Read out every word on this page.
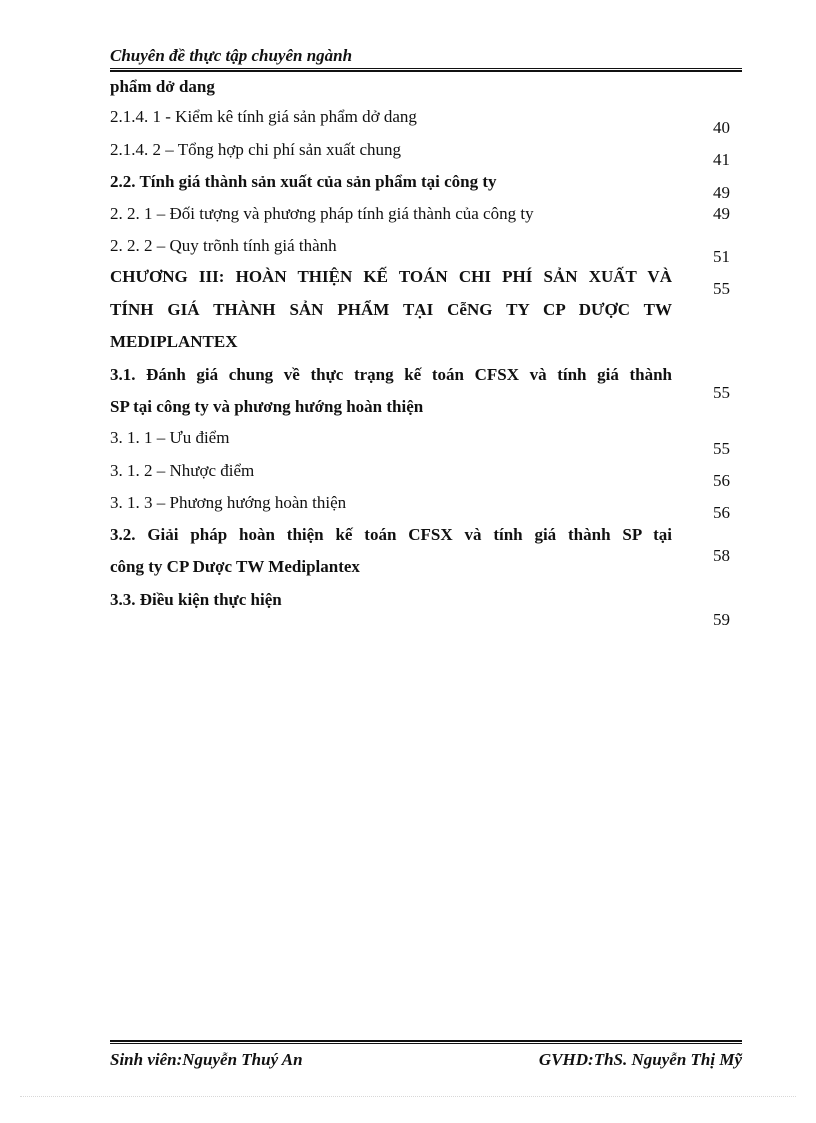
Chuyên đề thực tập chuyên ngành
phẩm dở dang
2.1.4. 1 - Kiểm kê tính giá sản phẩm dở dang
2.1.4. 2 – Tổng hợp chi phí sản xuất chung
2.2. Tính giá thành sản xuất của sản phẩm tại công ty
2. 2. 1 – Đối tượng và phương pháp tính giá thành của công ty
2. 2. 2 – Quy trõnh tính giá thành
CHƯƠNG III: HOÀN THIỆN KẾ TOÁN CHI PHÍ SẢN XUẤT VÀ
TÍNH GIÁ THÀNH SẢN PHẨM TẠI CễNG TY CP DƯỢC TW
MEDIPLANTEX
3.1. Đánh giá chung về thực trạng kế toán CFSX và tính giá thành
SP tại công ty và phương hướng hoàn thiện
3. 1. 1 – Ưu điểm
3. 1. 2 – Nhược điểm
3. 1. 3 – Phương hướng hoàn thiện
3.2. Giải pháp hoàn thiện kế toán CFSX và tính giá thành SP tại
công ty CP Dược TW Mediplantex
3.3. Điều kiện thực hiện
40
41
49
49
51
55
55
55
56
56
58
59
Sinh viên:Nguyễn Thuý An	GVHD:ThS. Nguyễn Thị Mỹ
